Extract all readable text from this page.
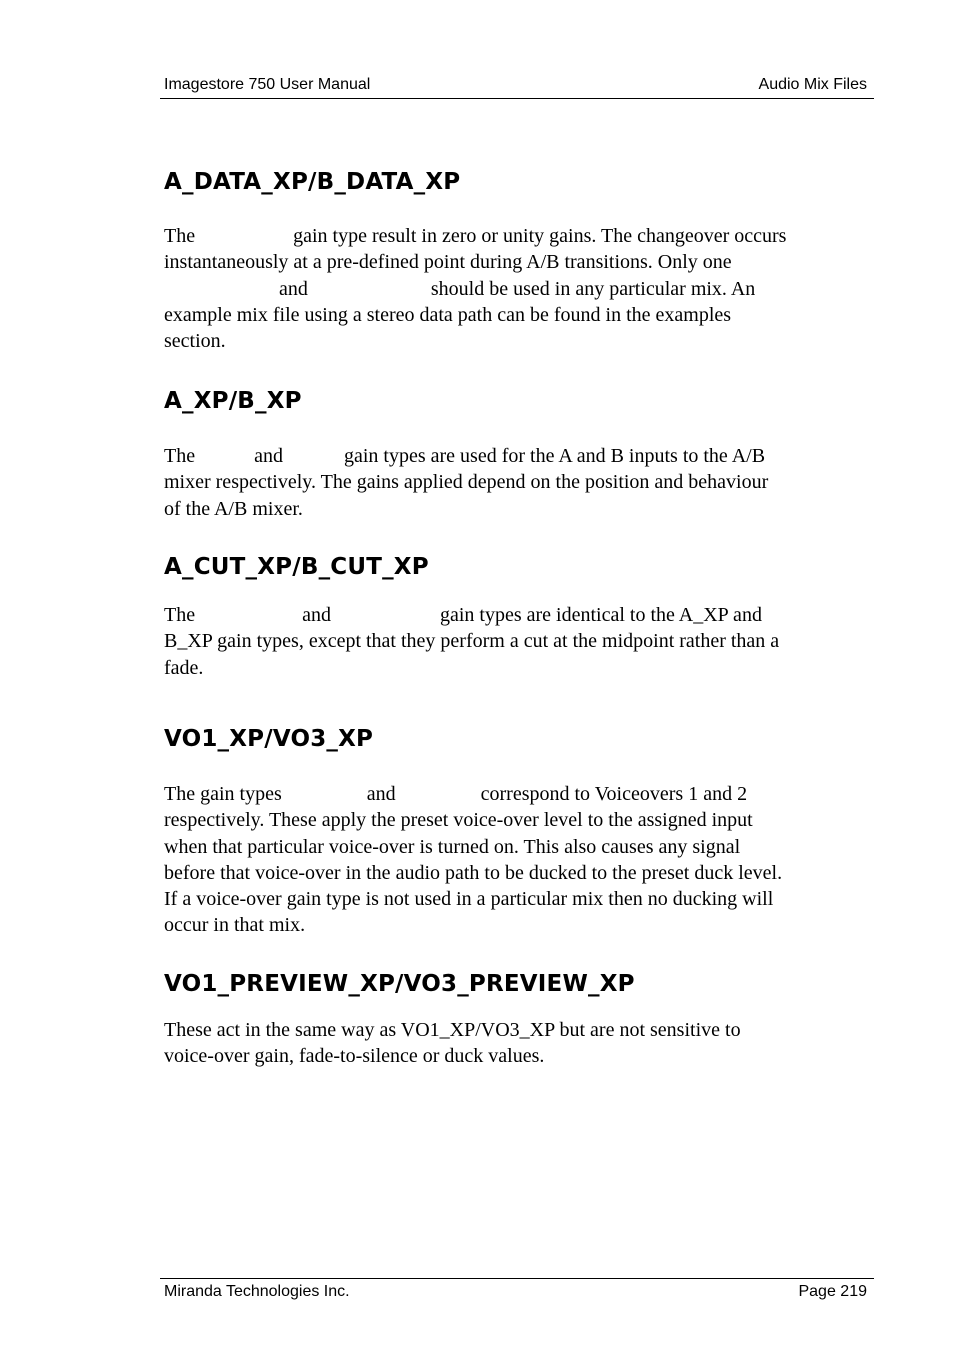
Imagestore 750 User Manual	Audio Mix Files
A_DATA_XP/B_DATA_XP
The	gain type result in zero or unity gains. The changeover occurs
instantaneously at a pre-defined point during A/B transitions. Only one
and	should be used in any particular mix. An
example mix file using a stereo data path can be found in the examples
section.
A_XP/B_XP
The	and	gain types are used for the A and B inputs to the A/B
mixer respectively. The gains applied depend on the position and behaviour
of the A/B mixer.
A_CUT_XP/B_CUT_XP
The	and	gain types are identical to the A_XP and
B_XP gain types, except that they perform a cut at the midpoint rather than a
fade.
VO1_XP/VO3_XP
The gain types	and	correspond to Voiceovers 1 and 2
respectively. These apply the preset voice-over level to the assigned input
when that particular voice-over is turned on. This also causes any signal
before that voice-over in the audio path to be ducked to the preset duck level.
If a voice-over gain type is not used in a particular mix then no ducking will
occur in that mix.
VO1_PREVIEW_XP/VO3_PREVIEW_XP
These act in the same way as VO1_XP/VO3_XP but are not sensitive to
voice-over gain, fade-to-silence or duck values.
Miranda Technologies Inc.	Page 219
